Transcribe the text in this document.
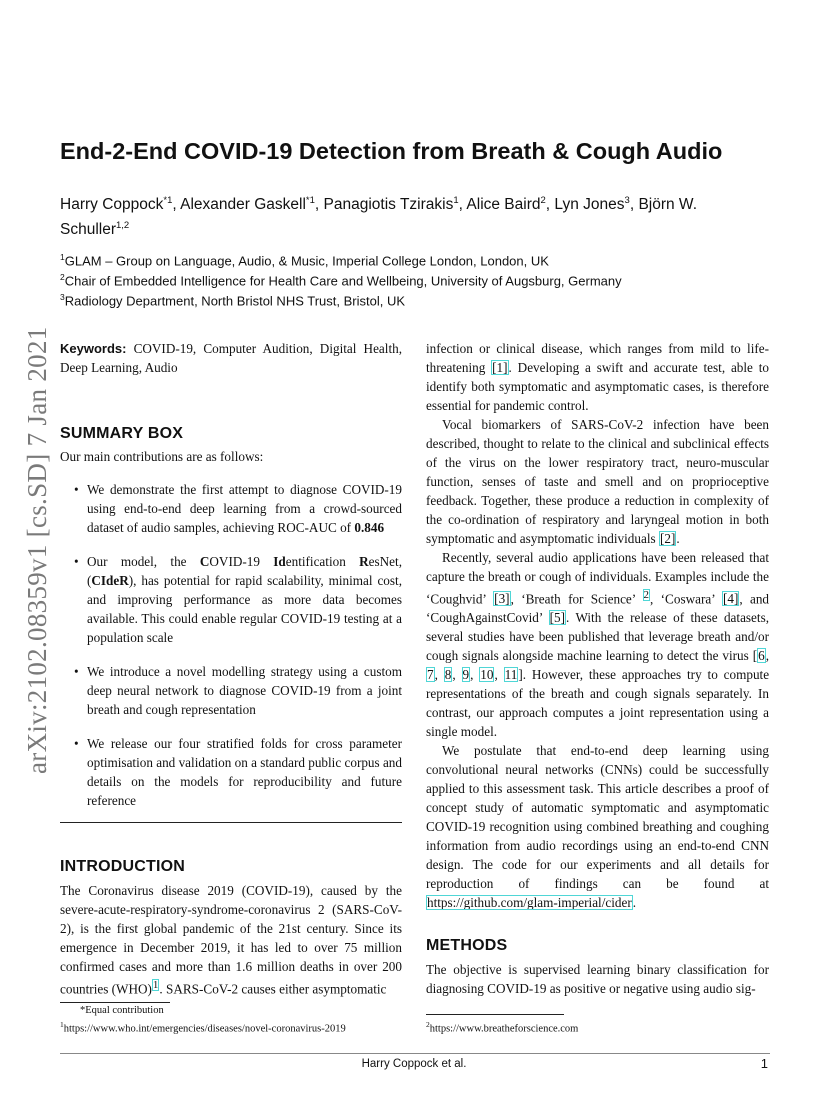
arXiv:2102.08359v1 [cs.SD] 7 Jan 2021
End-2-End COVID-19 Detection from Breath & Cough Audio
Harry Coppock$^{*1}$, Alexander Gaskell$^{*1}$, Panagiotis Tzirakis$^1$, Alice Baird$^2$, Lyn Jones$^3$, Björn W. Schuller$^{1,2}$
$^1$GLAM – Group on Language, Audio, & Music, Imperial College London, London, UK
$^2$Chair of Embedded Intelligence for Health Care and Wellbeing, University of Augsburg, Germany
$^3$Radiology Department, North Bristol NHS Trust, Bristol, UK
Keywords: COVID-19, Computer Audition, Digital Health, Deep Learning, Audio
SUMMARY BOX

Our main contributions are as follows:

• We demonstrate the first attempt to diagnose COVID-19 using end-to-end deep learning from a crowd-sourced dataset of audio samples, achieving ROC-AUC of 0.846
• Our model, the COVID-19 Identification ResNet, (CIdeR), has potential for rapid scalability, minimal cost, and improving performance as more data becomes available. This could enable regular COVID-19 testing at a population scale
• We introduce a novel modelling strategy using a custom deep neural network to diagnose COVID-19 from a joint breath and cough representation
• We release our four stratified folds for cross parameter optimisation and validation on a standard public corpus and details on the models for reproducibility and future reference
INTRODUCTION

The Coronavirus disease 2019 (COVID-19), caused by the severe-acute-respiratory-syndrome-coronavirus 2 (SARS-CoV-2), is the first global pandemic of the 21st century. Since its emergence in December 2019, it has led to over 75 million confirmed cases and more than 1.6 million deaths in over 200 countries (WHO)$^1$. SARS-CoV-2 causes either asymptomatic

*Equal contribution
$^1$https://www.who.int/emergencies/diseases/novel-coronavirus-2019

infection or clinical disease, which ranges from mild to life-threatening [1]. Developing a swift and accurate test, able to identify both symptomatic and asymptomatic cases, is therefore essential for pandemic control.

Vocal biomarkers of SARS-CoV-2 infection have been described, thought to relate to the clinical and subclinical effects of the virus on the lower respiratory tract, neuro-muscular function, senses of taste and smell and on proprioceptive feedback. Together, these produce a reduction in complexity of the co-ordination of respiratory and laryngeal motion in both symptomatic and asymptomatic individuals [2].

Recently, several audio applications have been released that capture the breath or cough of individuals. Examples include the ‘Coughvid’ [3], ‘Breath for Science’ $^2$, ‘Coswara’ [4], and ‘CoughAgainstCovid’ [5]. With the release of these datasets, several studies have been published that leverage breath and/or cough signals alongside machine learning to detect the virus [6, 7, 8, 9, 10, 11]. However, these approaches try to compute representations of the breath and cough signals separately. In contrast, our approach computes a joint representation using a single model.

We postulate that end-to-end deep learning using convolutional neural networks (CNNs) could be successfully applied to this assessment task. This article describes a proof of concept study of automatic symptomatic and asymptomatic COVID-19 recognition using combined breathing and coughing information from audio recordings using an end-to-end CNN design. The code for our experiments and all details for reproduction of findings can be found at https://github.com/glam-imperial/cider.

METHODS

The objective is supervised learning binary classification for diagnosing COVID-19 as positive or negative using audio sig-

$^2$https://www.breatheforscience.com
Harry Coppock et al.	1
